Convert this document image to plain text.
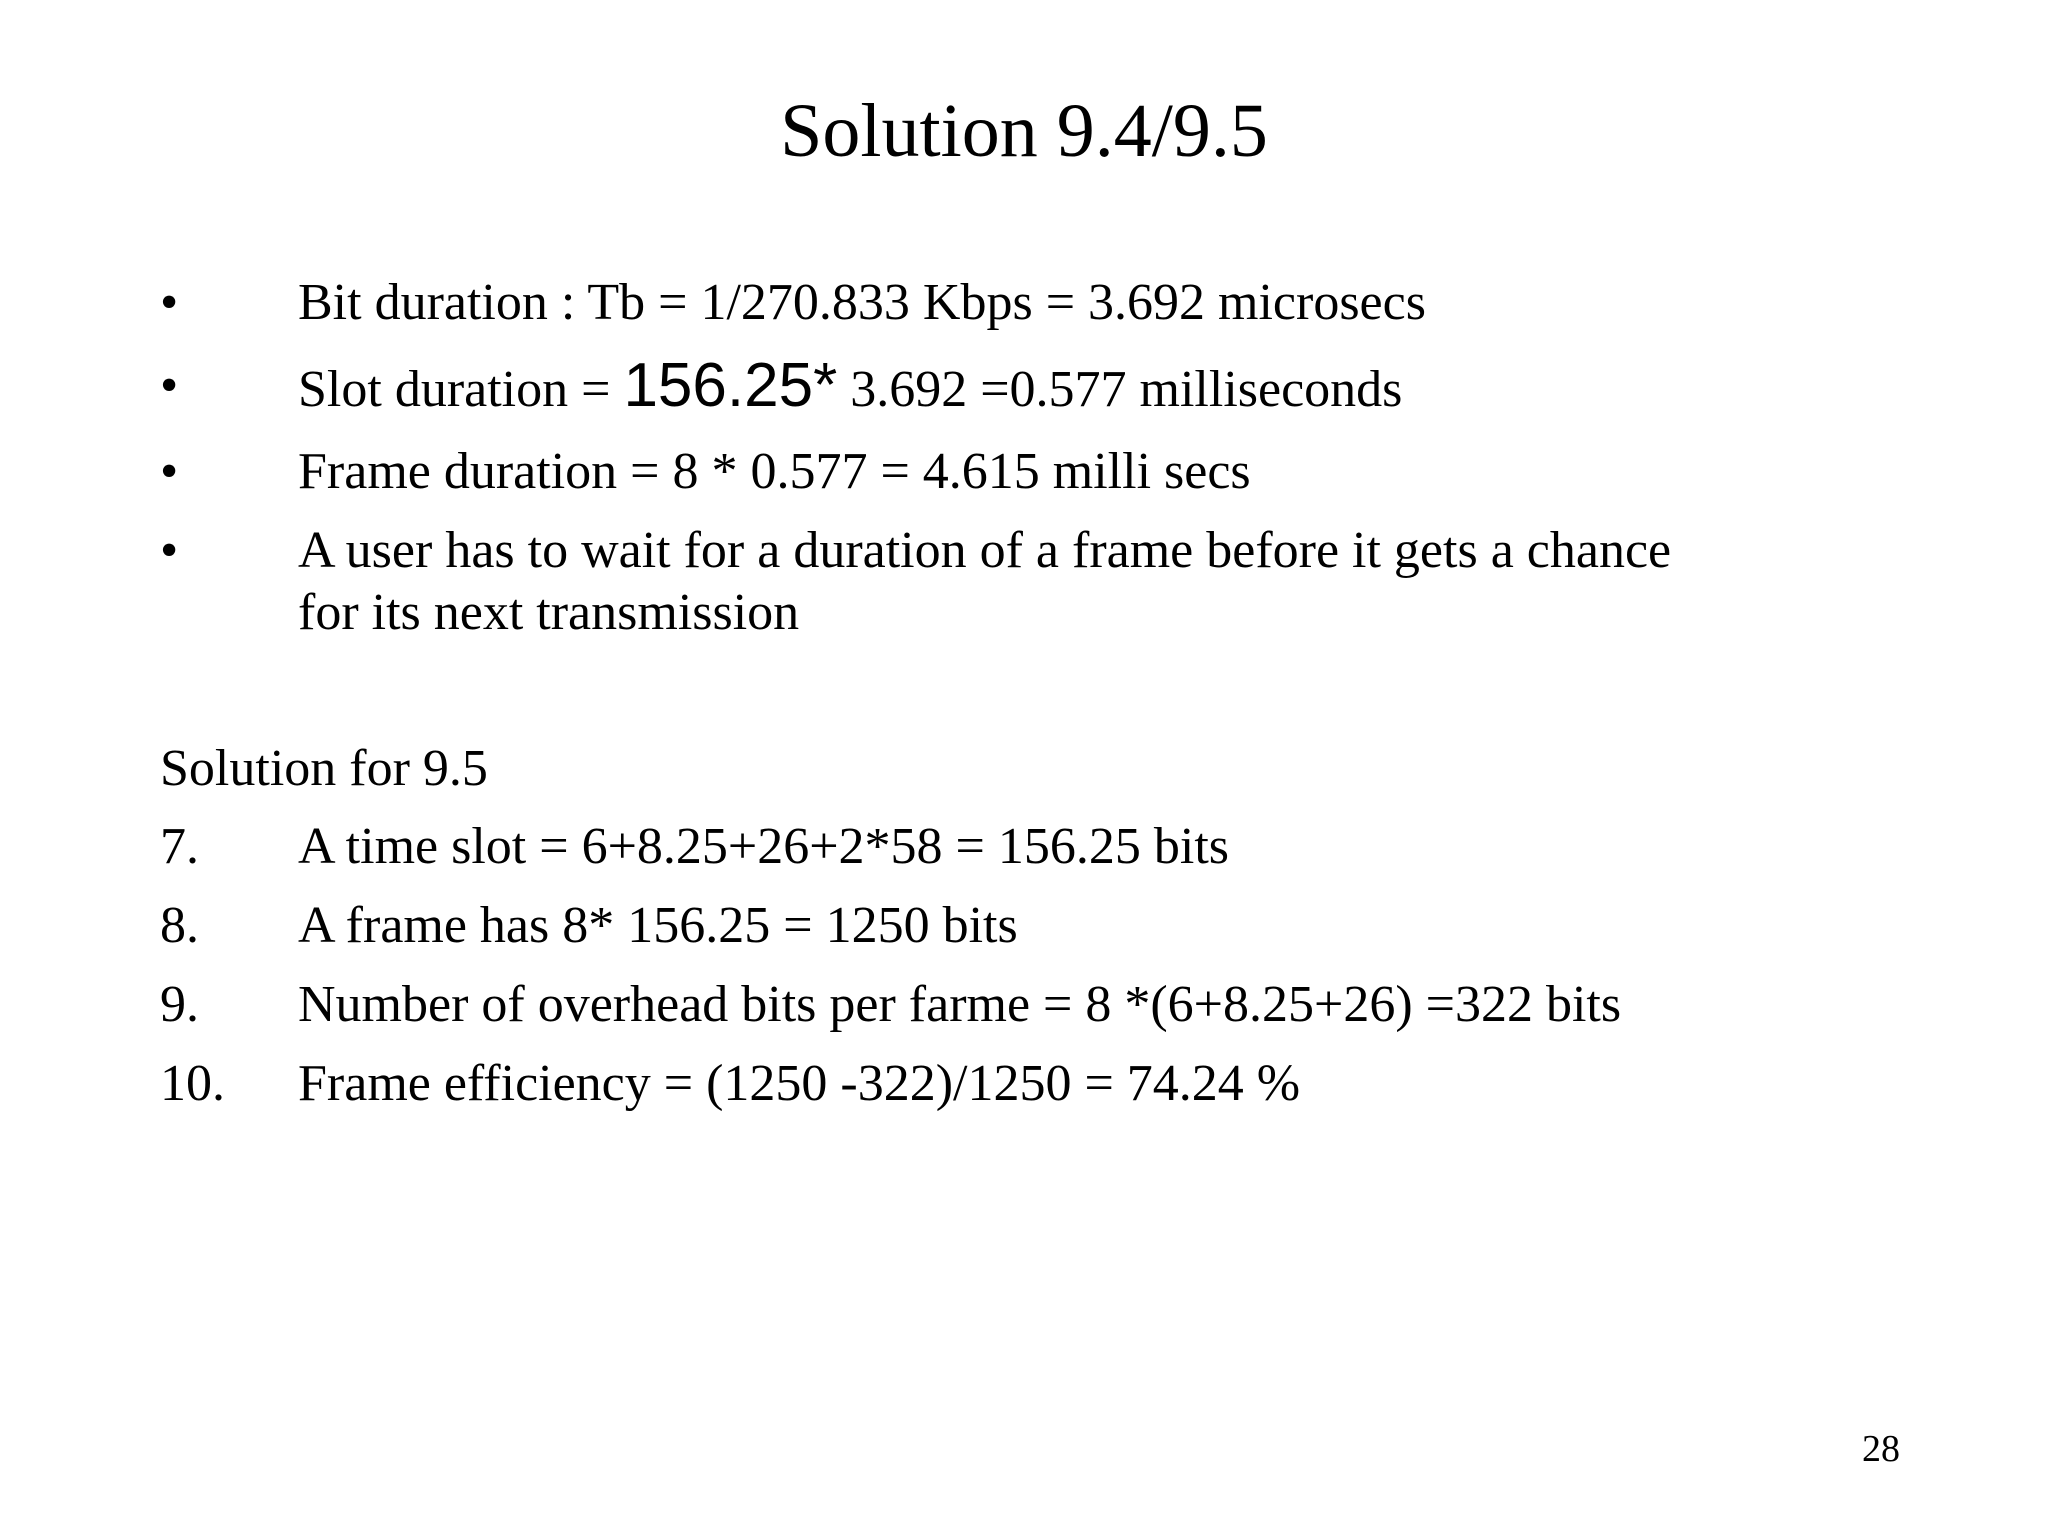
Solution 9.4/9.5
• Bit duration : Tb = 1/270.833 Kbps = 3.692 microsecs
• Slot duration = 156.25* 3.692 =0.577 milliseconds
• Frame duration = 8 * 0.577 = 4.615 milli secs
• A user has to wait for a duration of a frame before it gets a chance
for its next transmission
Solution for 9.5
7. A time slot = 6+8.25+26+2*58 = 156.25 bits
8. A frame has 8* 156.25 = 1250 bits
9. Number of overhead bits per farme = 8 *(6+8.25+26) =322 bits
10. Frame efficiency = (1250 -322)/1250 = 74.24 %
28
